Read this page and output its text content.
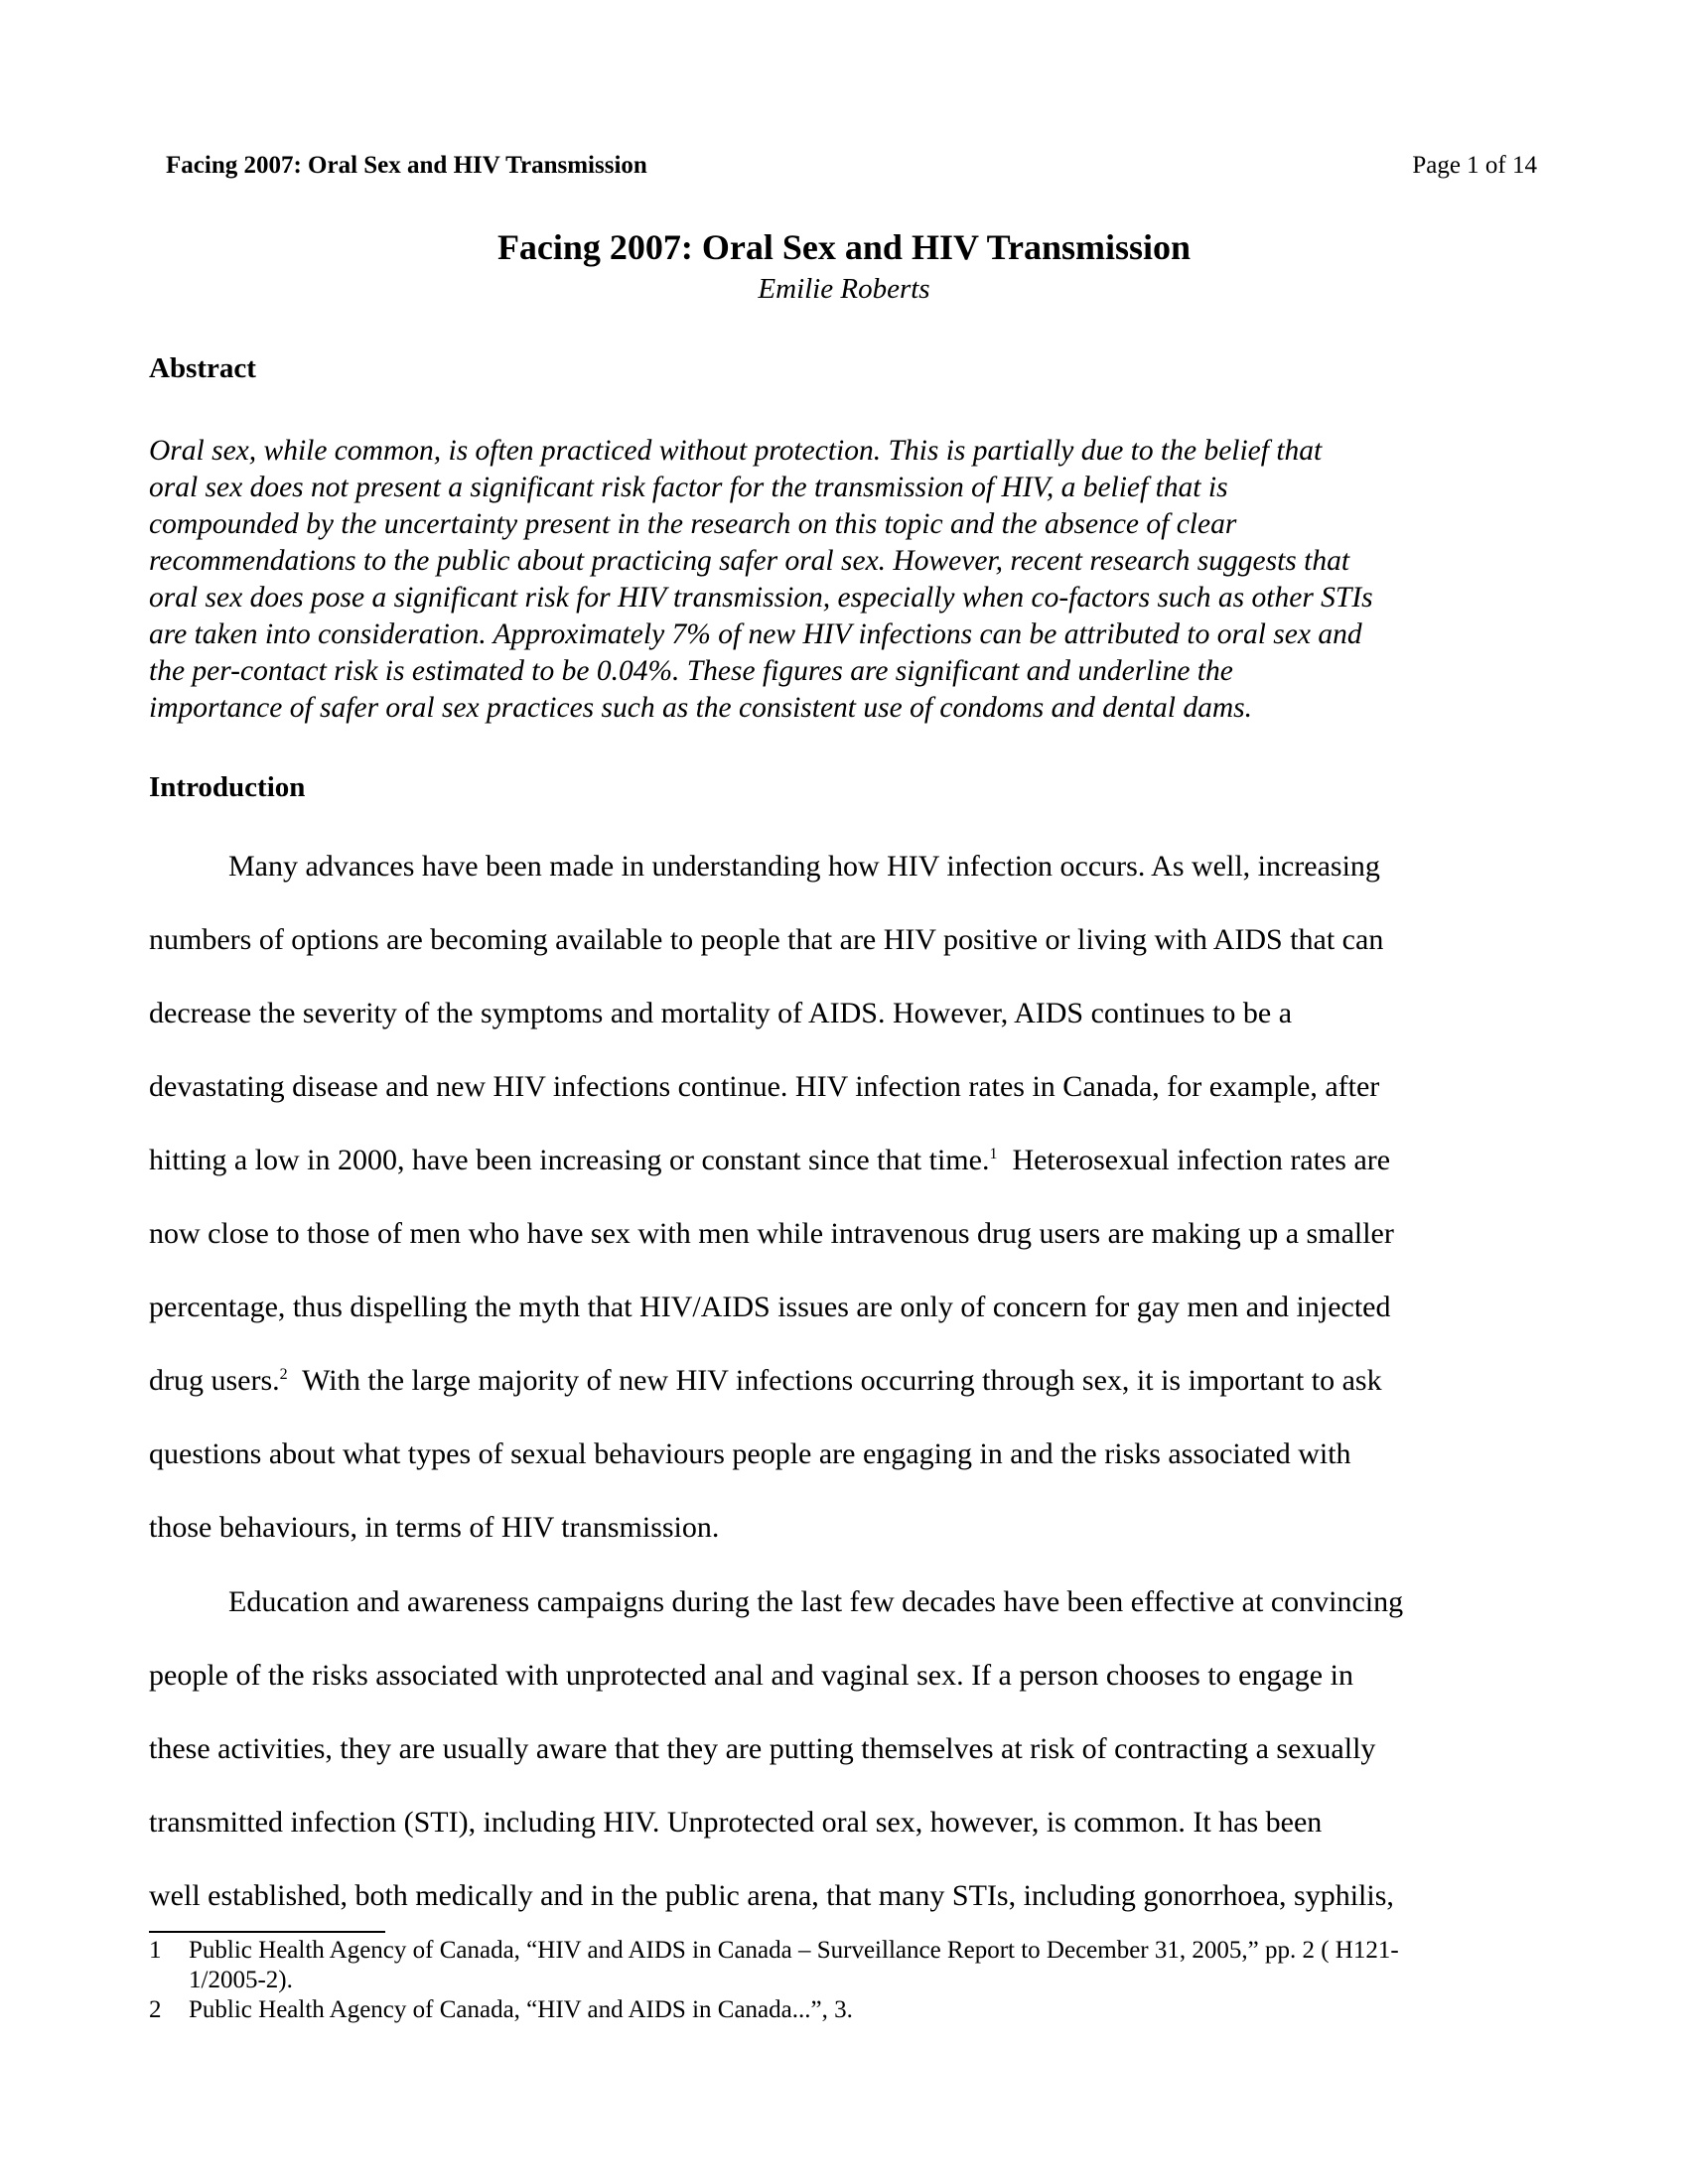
Facing 2007: Oral Sex and HIV Transmission	Page 1 of 14
Facing 2007: Oral Sex and HIV Transmission

Emilie Roberts

Abstract
Oral sex, while common, is often practiced without protection. This is partially due to the belief that
oral sex does not present a significant risk factor for the transmission of HIV, a belief that is
compounded by the uncertainty present in the research on this topic and the absence of clear
recommendations to the public about practicing safer oral sex. However, recent research suggests that
oral sex does pose a significant risk for HIV transmission, especially when co-factors such as other STIs
are taken into consideration. Approximately 7% of new HIV infections can be attributed to oral sex and
the per-contact risk is estimated to be 0.04%. These figures are significant and underline the
importance of safer oral sex practices such as the consistent use of condoms and dental dams.
Introduction
Many advances have been made in understanding how HIV infection occurs. As well, increasing
numbers of options are becoming available to people that are HIV positive or living with AIDS that can
decrease the severity of the symptoms and mortality of AIDS. However, AIDS continues to be a
devastating disease and new HIV infections continue. HIV infection rates in Canada, for example, after
hitting a low in 2000, have been increasing or constant since that time.$^1$  Heterosexual infection rates are
now close to those of men who have sex with men while intravenous drug users are making up a smaller
percentage, thus dispelling the myth that HIV/AIDS issues are only of concern for gay men and injected
drug users.$^2$  With the large majority of new HIV infections occurring through sex, it is important to ask
questions about what types of sexual behaviours people are engaging in and the risks associated with
those behaviours, in terms of HIV transmission.
Education and awareness campaigns during the last few decades have been effective at convincing
people of the risks associated with unprotected anal and vaginal sex. If a person chooses to engage in
these activities, they are usually aware that they are putting themselves at risk of contracting a sexually
transmitted infection (STI), including HIV. Unprotected oral sex, however, is common. It has been
well established, both medically and in the public arena, that many STIs, including gonorrhoea, syphilis,
1 Public Health Agency of Canada, “HIV and AIDS in Canada – Surveillance Report to December 31, 2005,” pp. 2 ( H121-
1/2005-2).
2 Public Health Agency of Canada, “HIV and AIDS in Canada...”, 3.
